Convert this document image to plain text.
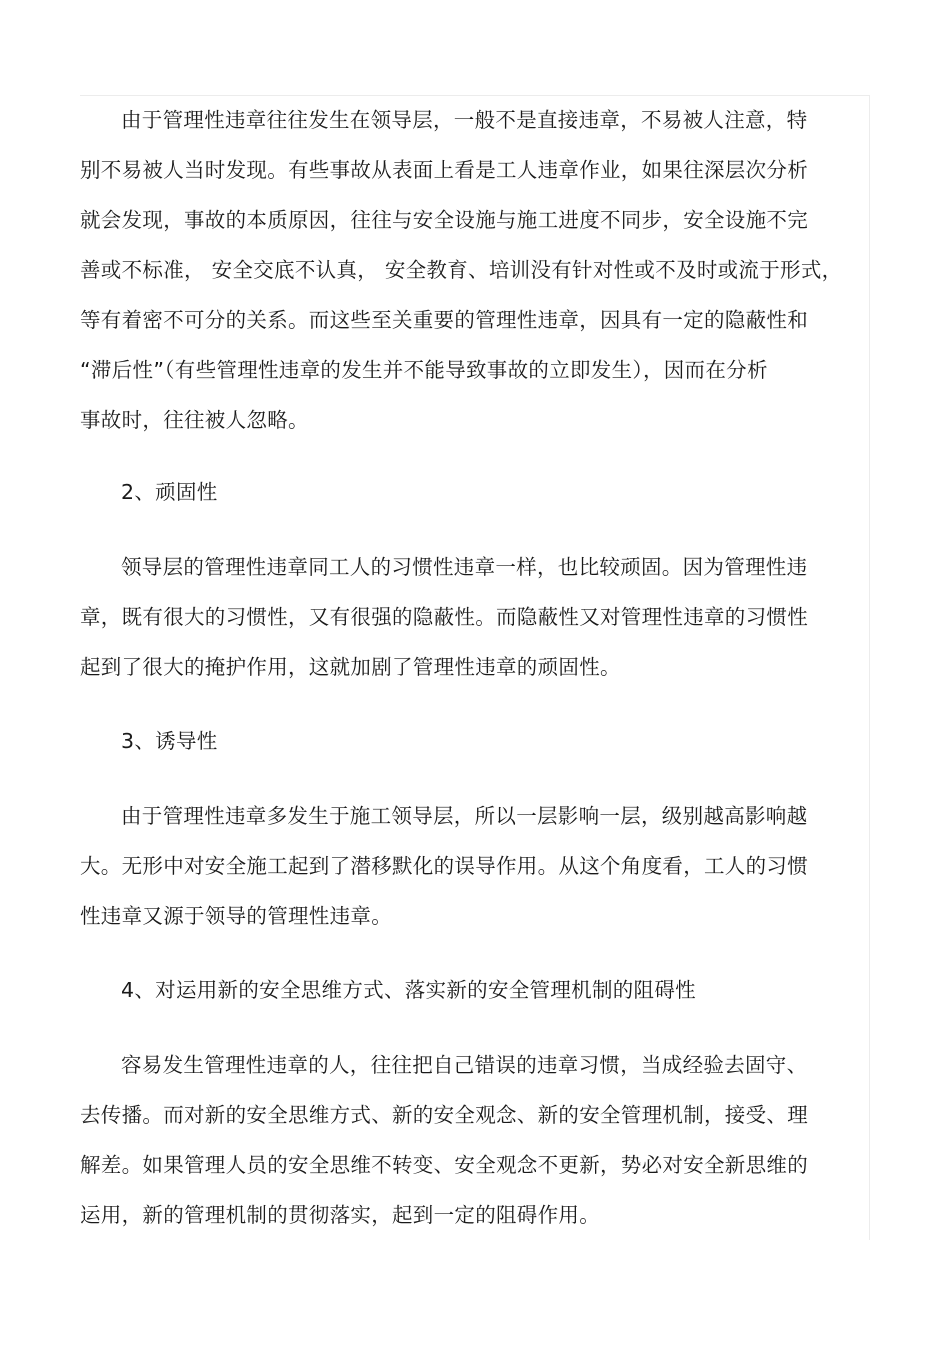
由于管理性违章往往发生在领导层，一般不是直接违章，不易被人注意，特
别不易被人当时发现。有些事故从表面上看是工人违章作业，如果往深层次分析
就会发现，事故的本质原因，往往与安全设施与施工进度不同步，安全设施不完
善或不标准， 安全交底不认真， 安全教育、培训没有针对性或不及时或流于形式，
等有着密不可分的关系。而这些至关重要的管理性违章，因具有一定的隐蔽性和
“滞后性”（有些管理性违章的发生并不能导致事故的立即发生），因而在分析
事故时，往往被人忽略。
2、顽固性
领导层的管理性违章同工人的习惯性违章一样，也比较顽固。因为管理性违
章，既有很大的习惯性，又有很强的隐蔽性。而隐蔽性又对管理性违章的习惯性
起到了很大的掩护作用，这就加剧了管理性违章的顽固性。
3、诱导性
由于管理性违章多发生于施工领导层，所以一层影响一层，级别越高影响越
大。无形中对安全施工起到了潜移默化的误导作用。从这个角度看，工人的习惯
性违章又源于领导的管理性违章。
4、对运用新的安全思维方式、落实新的安全管理机制的阻碍性
容易发生管理性违章的人，往往把自己错误的违章习惯，当成经验去固守、
去传播。而对新的安全思维方式、新的安全观念、新的安全管理机制，接受、理
解差。如果管理人员的安全思维不转变、安全观念不更新，势必对安全新思维的
运用，新的管理机制的贯彻落实，起到一定的阻碍作用。
